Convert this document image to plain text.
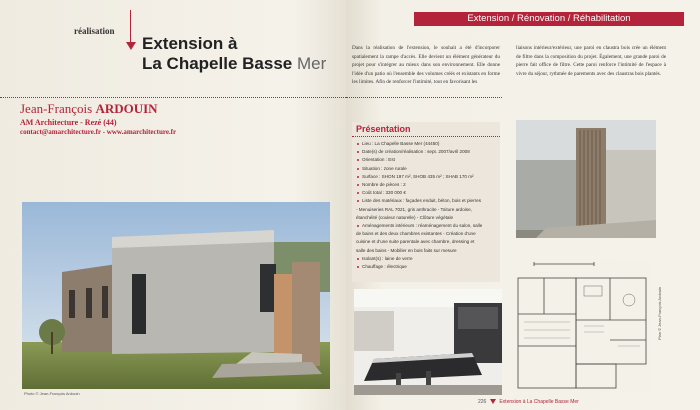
réalisation
Extension à
La Chapelle Basse Mer
Jean-François ARDOUIN
AM Architecture - Rezé (44)
contact@amarchitecture.fr - www.amarchitecture.fr
Photo © Jean-François Ardouin
Extension / Rénovation / Réhabilitation
Dans la réalisation de l'extension, le souhait a été d'incorporer spatialement la rampe d'accès. Elle devient un élément générateur du projet pour s'intégrer au mieux dans son environnement. Elle donne l'idée d'un patio où l'ensemble des volumes créés et existants en forme les limites. Afin de renforcer l'intimité, tout en favorisant les
liaisons intérieur/extérieur, une paroi en claustra bois crée un élément de filtre dans la composition du projet. Également, une grande paroi de pierre fait office de filtre. Cette paroi renforce l'intimité de l'espace à vivre du séjour, rythmée de parements avec des claustras bois plantés.
Présentation
Lieu : La Chapelle Basse Mer (44450)
Date(s) de création/réalisation : sept. 2007/avril 2008
Orientation : Est
Situation : zone rurale
Surface : SHON 197 m², SHOB 435 m² ; SHAB 170 m²
Nombre de pièces : 2
Coût total : 330 000 €
Liste des matériaux : façades enduit, béton, bois et pierres
- Menuiseries RAL 7021, gris anthracite - Toiture ardoise,
étanchéité (couleur naturelle) - Clôture végétale
Aménagements intérieurs : réaménagement du salon, salle
de bains et des deux chambres existantes - Création d'une
cuisine et d'une suite parentale avec chambre, dressing et
salle des bains - Mobilier en bois faits sur mesure
Isolant(s) : laine de verre
Chauffage : électrique
Plan © Jean-François Ardouin
226	Extension à La Chapelle Basse Mer
